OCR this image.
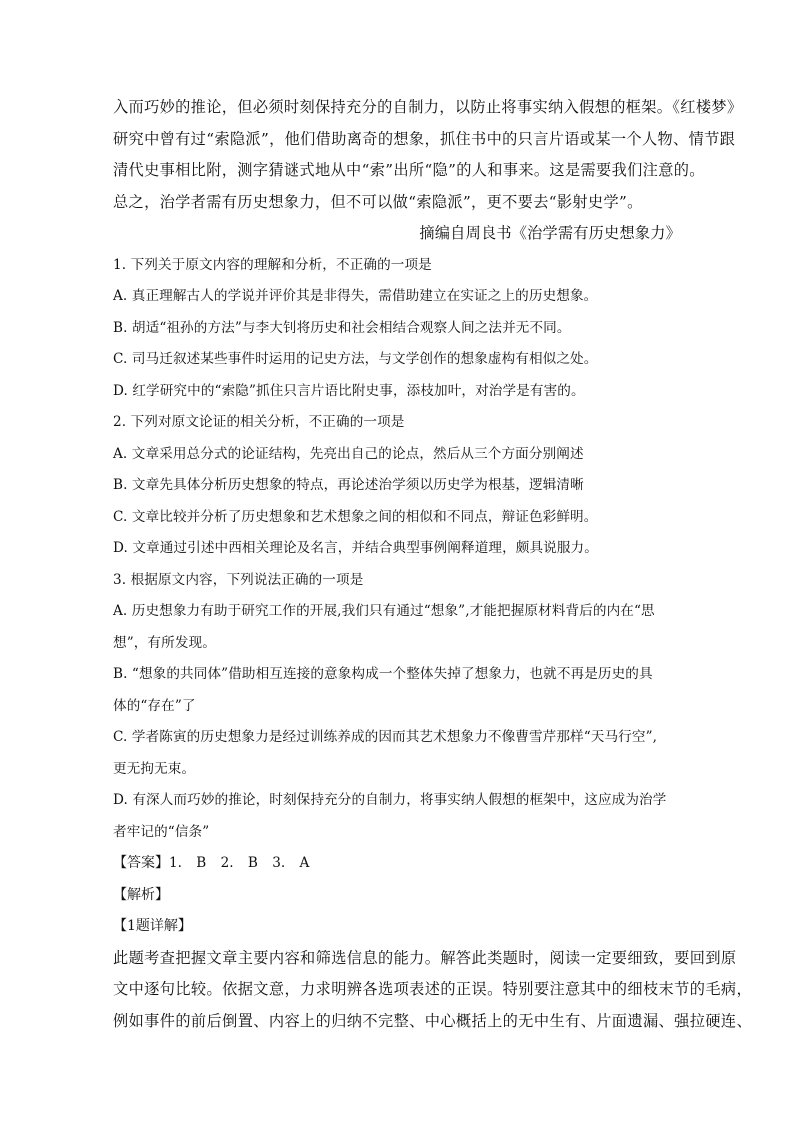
入而巧妙的推论，但必须时刻保持充分的自制力，以防止将事实纳入假想的框架。《红楼梦》

研究中曾有过“索隐派”，他们借助离奇的想象，抓住书中的只言片语或某一个人物、情节跟

清代史事相比附，测字猜谜式地从中“索”出所“隐”的人和事来。这是需要我们注意的。

总之，治学者需有历史想象力，但不可以做“索隐派”，更不要去“影射史学”。

摘编自周良书《治学需有历史想象力》

1. 下列关于原文内容的理解和分析，不正确的一项是

A. 真正理解古人的学说并评价其是非得失，需借助建立在实证之上的历史想象。

B. 胡适“祖孙的方法”与李大钊将历史和社会相结合观察人间之法并无不同。

C. 司马迁叙述某些事件时运用的记史方法，与文学创作的想象虚构有相似之处。

D. 红学研究中的“索隐”抓住只言片语比附史事，添枝加叶，对治学是有害的。

2. 下列对原文论证的相关分析，不正确的一项是

A. 文章采用总分式的论证结构，先亮出自己的论点，然后从三个方面分别阐述

B. 文章先具体分析历史想象的特点，再论述治学须以历史学为根基，逻辑清晰

C. 文章比较并分析了历史想象和艺术想象之间的相似和不同点，辩证色彩鲜明。

D. 文章通过引述中西相关理论及名言，并结合典型事例阐释道理，颇具说服力。

3. 根据原文内容，下列说法正确的一项是

A. 历史想象力有助于研究工作的开展,我们只有通过“想象”,才能把握原材料背后的内在“思

想”，有所发现。

B. “想象的共同体”借助相互连接的意象构成一个整体失掉了想象力，也就不再是历史的具

体的“存在”了

C. 学者陈寅的历史想象力是经过训练养成的因而其艺术想象力不像曹雪芹那样“天马行空”,

更无拘无束。

D. 有深人而巧妙的推论，时刻保持充分的自制力，将事实纳人假想的框架中，这应成为治学

者牢记的“信条”

【答案】1. B 2. B 3. A

【解析】

【1题详解】

此题考查把握文章主要内容和筛选信息的能力。解答此类题时，阅读一定要细致，要回到原

文中逐句比较。依据文意，力求明辨各选项表述的正误。特别要注意其中的细枝末节的毛病，

例如事件的前后倒置、内容上的归纳不完整、中心概括上的无中生有、片面遗漏、强拉硬连、
